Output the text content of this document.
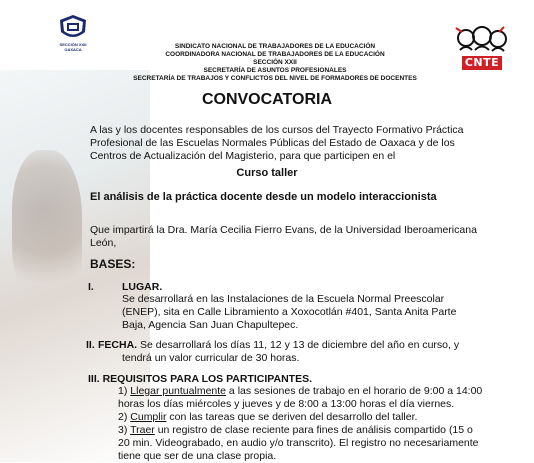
SECCIÓN XXII
OAXACA
CNTE
SINDICATO NACIONAL DE TRABAJADORES DE LA EDUCACIÓN
COORDINADORA NACIONAL DE TRABAJADORES DE LA EDUCACIÓN
SECCIÓN XXII
SECRETARÍA DE ASUNTOS PROFESIONALES
SECRETARÍA DE TRABAJOS Y CONFLICTOS DEL NIVEL DE FORMADORES DE DOCENTES
CONVOCATORIA
A las y los docentes responsables de los cursos del Trayecto Formativo Práctica
Profesional de las Escuelas Normales Públicas del Estado de Oaxaca y de los
Centros de Actualización del Magisterio, para que participen en el
Curso taller
El análisis de la práctica docente desde un modelo interaccionista
Que impartirá la Dra. María Cecilia Fierro Evans, de la Universidad Iberoamericana
León,
BASES:
I.	LUGAR.
Se desarrollará en las Instalaciones de la Escuela Normal Preescolar
(ENEP), sita en Calle Libramiento a Xoxocotlán #401, Santa Anita Parte
Baja, Agencia San Juan Chapultepec.
II. FECHA. Se desarrollará los días 11, 12 y 13 de diciembre del año en curso, y
tendrá un valor curricular de 30 horas.
III. REQUISITOS PARA LOS PARTICIPANTES.
1) Llegar puntualmente a las sesiones de trabajo en el horario de 9:00 a 14:00
horas los días miércoles y jueves y de 8:00 a 13:00 horas el día viernes.
2) Cumplir con las tareas que se deriven del desarrollo del taller.
3) Traer un registro de clase reciente para fines de análisis compartido (15 o
20 min. Videograbado, en audio y/o transcrito). El registro no necesariamente
tiene que ser de una clase propia.
